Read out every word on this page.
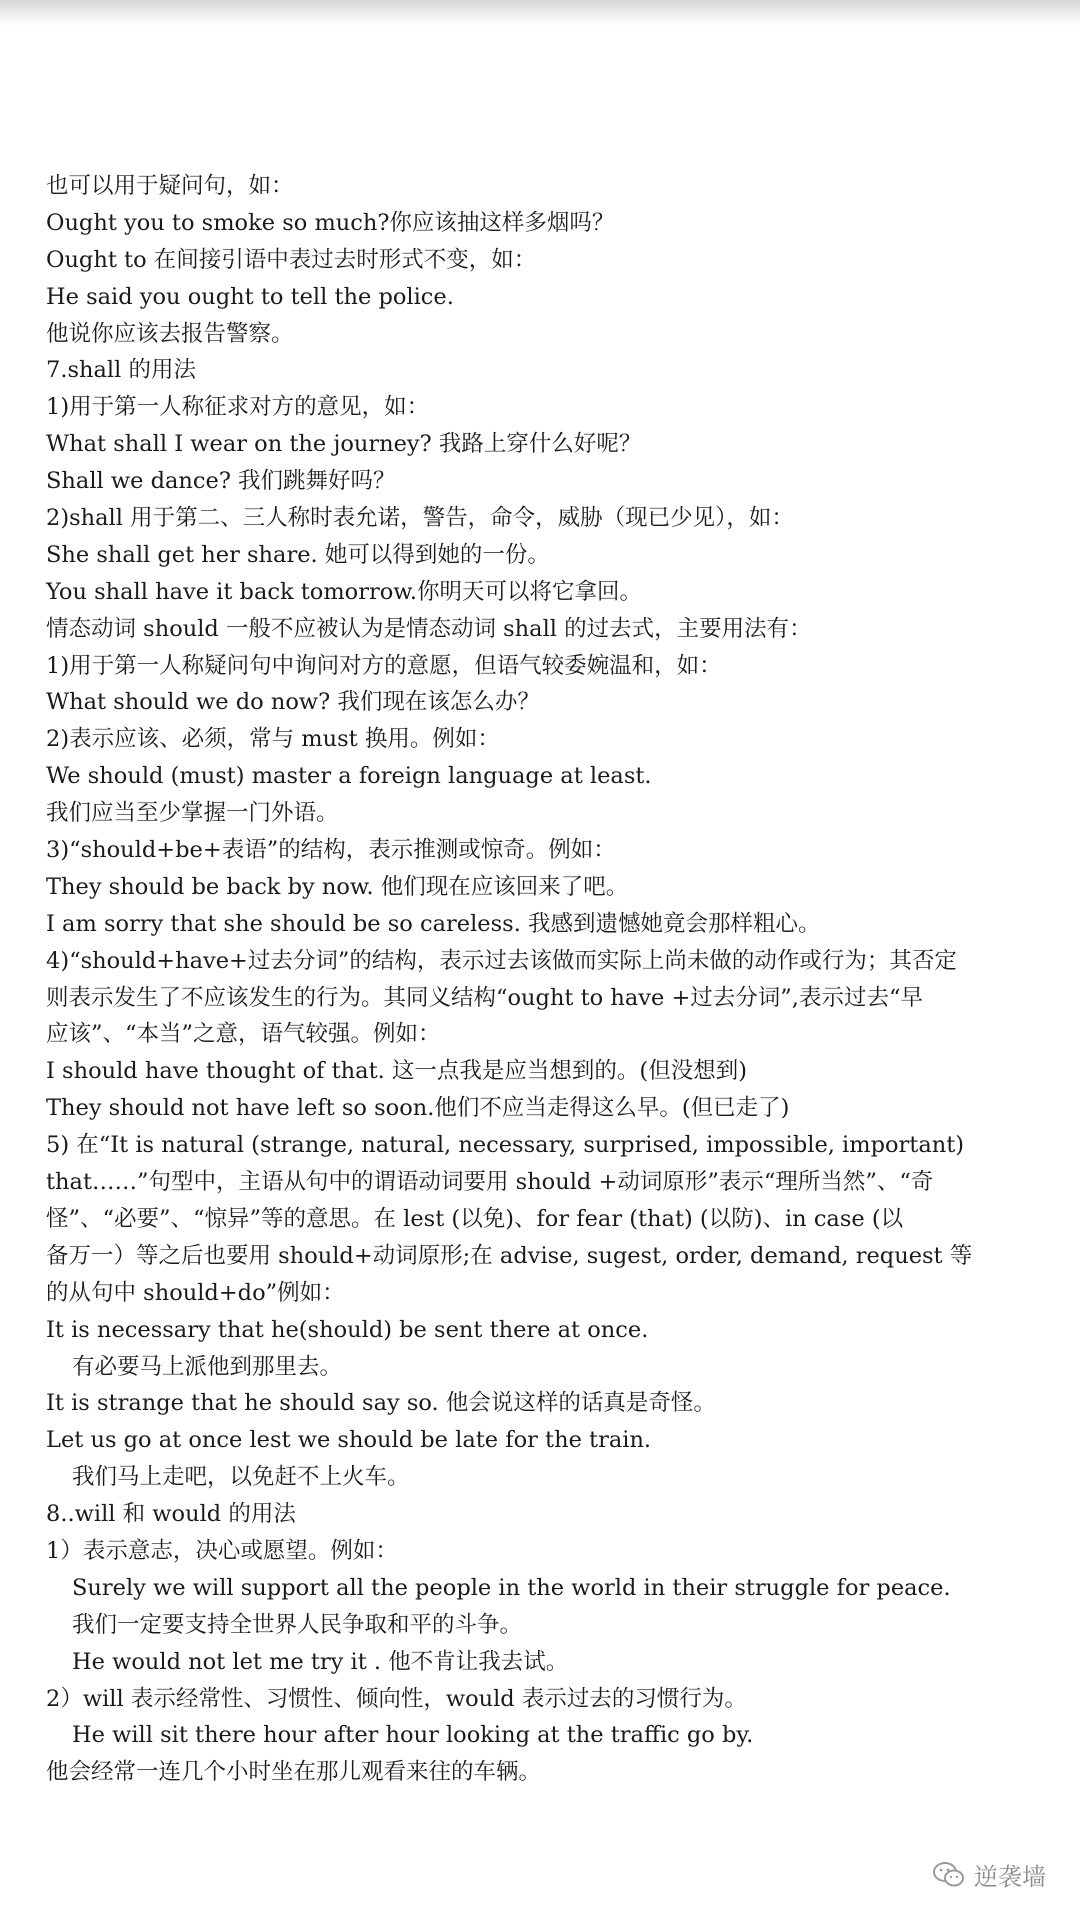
也可以用于疑问句，如：
Ought you to smoke so much?你应该抽这样多烟吗？
Ought to 在间接引语中表过去时形式不变，如：
He said you ought to tell the police.
他说你应该去报告警察。
7.shall 的用法
1)用于第一人称征求对方的意见，如：
What shall I wear on the journey? 我路上穿什么好呢？
Shall we dance? 我们跳舞好吗？
2)shall 用于第二、三人称时表允诺，警告，命令，威胁（现已少见），如：
She shall get her share. 她可以得到她的一份。
You shall have it back tomorrow.你明天可以将它拿回。
情态动词 should 一般不应被认为是情态动词 shall 的过去式，主要用法有：
1)用于第一人称疑问句中询问对方的意愿，但语气较委婉温和，如：
What should we do now? 我们现在该怎么办？
2)表示应该、必须，常与 must 换用。例如：
We should (must) master a foreign language at least.
我们应当至少掌握一门外语。
3)“should+be+表语”的结构，表示推测或惊奇。例如：
They should be back by now. 他们现在应该回来了吧。
I am sorry that she should be so careless. 我感到遗憾她竟会那样粗心。
4)“should+have+过去分词”的结构，表示过去该做而实际上尚未做的动作或行为；其否定
则表示发生了不应该发生的行为。其同义结构“ought to have +过去分词”,表示过去“早
应该”、“本当”之意，语气较强。例如：
I should have thought of that. 这一点我是应当想到的。(但没想到)
They should not have left so soon.他们不应当走得这么早。(但已走了)
5) 在“It is natural (strange, natural, necessary, surprised, impossible, important)
that……”句型中，主语从句中的谓语动词要用 should +动词原形”表示“理所当然”、“奇
怪”、“必要”、“惊异”等的意思。在 lest (以免)、for fear (that) (以防)、in case (以
备万一）等之后也要用 should+动词原形;在 advise, sugest, order, demand, request 等
的从句中 should+do”例如：
It is necessary that he(should) be sent there at once.
有必要马上派他到那里去。
It is strange that he should say so. 他会说这样的话真是奇怪。
Let us go at once lest we should be late for the train.
我们马上走吧，以免赶不上火车。
8..will 和 would 的用法
1）表示意志，决心或愿望。例如：
Surely we will support all the people in the world in their struggle for peace.
我们一定要支持全世界人民争取和平的斗争。
He would not let me try it . 他不肯让我去试。
2）will 表示经常性、习惯性、倾向性，would 表示过去的习惯行为。
He will sit there hour after hour looking at the traffic go by.
他会经常一连几个小时坐在那儿观看来往的车辆。
逆袭墙
